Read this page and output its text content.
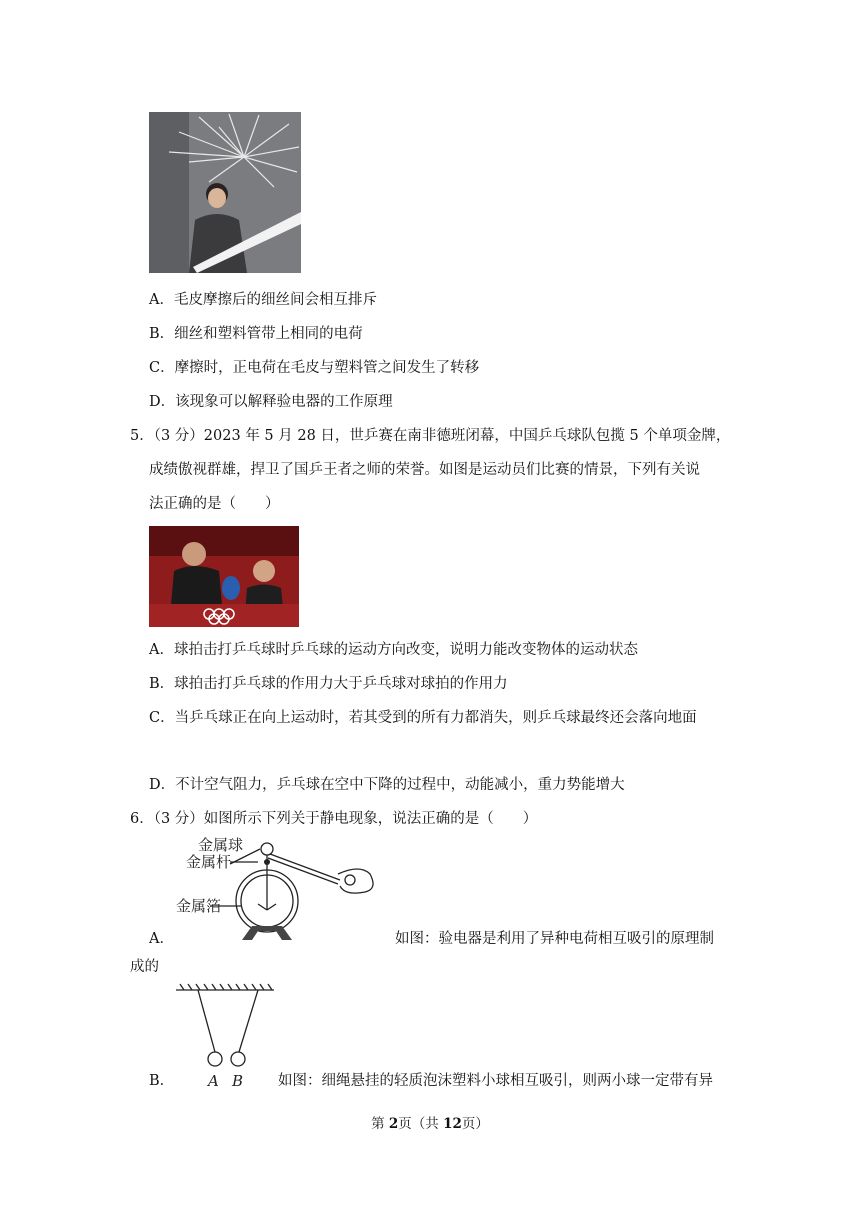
A．毛皮摩擦后的细丝间会相互排斥
B．细丝和塑料管带上相同的电荷
C．摩擦时，正电荷在毛皮与塑料管之间发生了转移
D．该现象可以解释验电器的工作原理
5．（3 分）2023 年 5 月 28 日，世乒赛在南非德班闭幕，中国乒乓球队包揽 5 个单项金牌，
成绩傲视群雄，捍卫了国乒王者之师的荣誉。如图是运动员们比赛的情景，下列有关说
法正确的是（　　）
A．球拍击打乒乓球时乒乓球的运动方向改变，说明力能改变物体的运动状态
B．球拍击打乒乓球的作用力大于乒乓球对球拍的作用力
C．当乒乓球正在向上运动时，若其受到的所有力都消失，则乒乓球最终还会落向地面
D．不计空气阻力，乒乓球在空中下降的过程中，动能减小，重力势能增大
6．（3 分）如图所示下列关于静电现象，说法正确的是（　　）
金属球
金属杆
金属箔
A．	如图：验电器是利用了异种电荷相互吸引的原理制
成的
A B
B．	如图：细绳悬挂的轻质泡沫塑料小球相互吸引，则两小球一定带有异
第 2页（共 12页）
